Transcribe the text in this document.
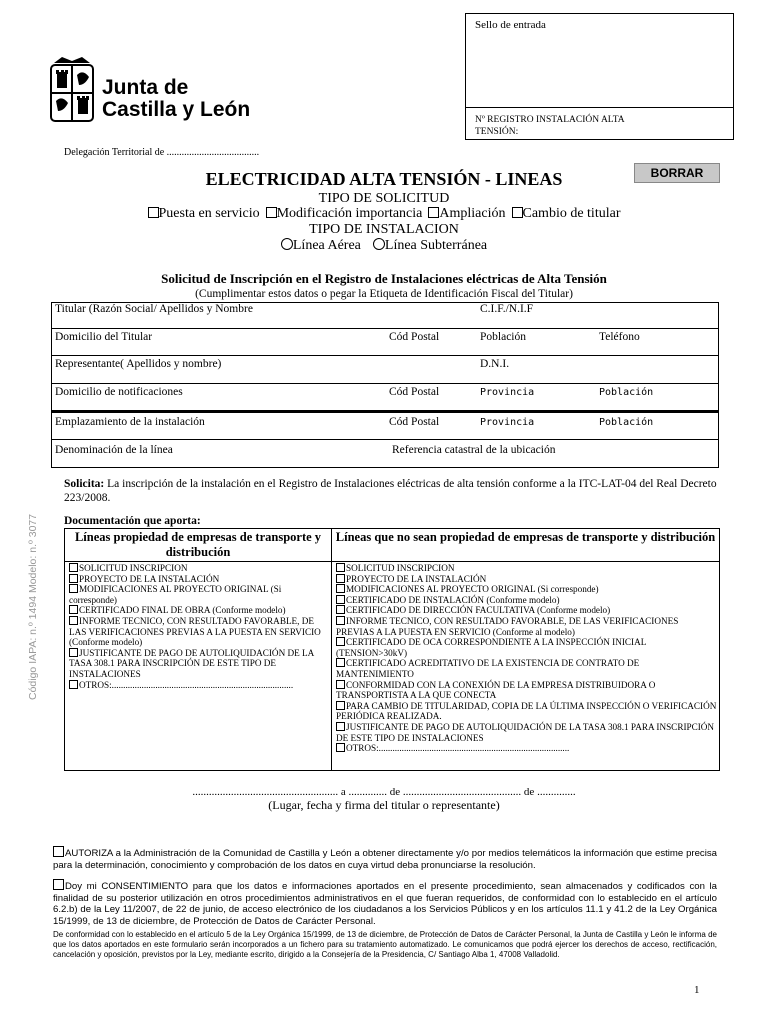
Sello de entrada
Nº REGISTRO INSTALACIÓN ALTA TENSIÓN:
Junta de
Castilla y León
Delegación Territorial de .....................................
ELECTRICIDAD ALTA TENSIÓN - LINEAS	BORRAR
TIPO DE SOLICITUD
Puesta en servicio	Modificación importancia	Ampliación	Cambio de titular
TIPO DE INSTALACION
Línea Aérea	Línea Subterránea
Solicitud de Inscripción en el Registro de Instalaciones eléctricas de Alta Tensión
(Cumplimentar estos datos o pegar la Etiqueta de Identificación Fiscal del Titular)
Titular (Razón Social/ Apellidos y Nombre	C.I.F./N.I.F
Domicilio del Titular	Cód Postal	Población	Teléfono
Representante( Apellidos y nombre)	D.N.I.
Domicilio de notificaciones	Cód Postal	Provincia	Población
Emplazamiento de la instalación	Cód Postal	Provincia	Población
Denominación de la línea	Referencia catastral de la ubicación
Código IAPA: n.º 1494 Modelo: n.º 3077
Solicita: La inscripción de la instalación en el Registro de Instalaciones eléctricas de alta tensión conforme a la ITC-LAT-04 del Real Decreto 223/2008.
Documentación que aporta:
Líneas propiedad de empresas de transporte y distribución
SOLICITUD INSCRIPCION
PROYECTO DE LA INSTALACIÓN
MODIFICACIONES AL PROYECTO ORIGINAL (Si corresponde)
CERTIFICADO FINAL DE OBRA (Conforme modelo)
INFORME TECNICO, CON RESULTADO FAVORABLE, DE LAS VERIFICACIONES PREVIAS A LA PUESTA EN SERVICIO (Conforme modelo)
JUSTIFICANTE DE PAGO DE AUTOLIQUIDACIÓN DE LA TASA 308.1 PARA INSCRIPCIÓN DE ESTE TIPO DE INSTALACIONES
OTROS:...............................................................................
Líneas que no sean propiedad de empresas de transporte y distribución
SOLICITUD INSCRIPCION
PROYECTO DE LA INSTALACIÓN
MODIFICACIONES AL PROYECTO ORIGINAL (Si corresponde)
CERTIFICADO DE INSTALACIÓN (Conforme modelo)
CERTIFICADO DE DIRECCIÓN FACULTATIVA (Conforme modelo)
INFORME TECNICO, CON RESULTADO FAVORABLE, DE LAS VERIFICACIONES PREVIAS A LA PUESTA EN SERVICIO (Conforme al modelo)
CERTIFICADO DE OCA CORRESPONDIENTE A LA INSPECCIÓN INICIAL (TENSION>30kV)
CERTIFICADO ACREDITATIVO DE LA EXISTENCIA DE CONTRATO DE MANTENIMIENTO
CONFORMIDAD CON LA CONEXIÓN DE LA EMPRESA DISTRIBUIDORA O TRANSPORTISTA A LA QUE CONECTA
PARA CAMBIO DE TITULARIDAD, COPIA DE LA ÚLTIMA INSPECCIÓN O VERIFICACIÓN PERIÓDICA REALIZADA.
JUSTIFICANTE DE PAGO DE AUTOLIQUIDACIÓN DE LA TASA 308.1 PARA INSCRIPCIÓN DE ESTE TIPO DE INSTALACIONES
OTROS:...................................................................................
..................................................... a .............. de ........................................... de ..............
(Lugar, fecha y firma del titular o representante)
AUTORIZA a la Administración de la Comunidad de Castilla y León a obtener directamente y/o por medios telemáticos la información que estime precisa para la determinación, conocimiento y comprobación de los datos en cuya virtud deba pronunciarse la resolución.
Doy mi CONSENTIMIENTO para que los datos e informaciones aportados en el presente procedimiento, sean almacenados y codificados con la finalidad de su posterior utilización en otros procedimientos administrativos en el que fueran requeridos, de conformidad con lo establecido en el artículo 6.2.b) de la Ley 11/2007, de 22 de junio, de acceso electrónico de los ciudadanos a los Servicios Públicos y en los artículos 11.1 y 41.2 de la Ley Orgánica 15/1999, de 13 de diciembre, de Protección de Datos de Carácter Personal.
De conformidad con lo establecido en el artículo 5 de la Ley Orgánica 15/1999, de 13 de diciembre, de Protección de Datos de Carácter Personal, la Junta de Castilla y León le informa de que los datos aportados en este formulario serán incorporados a un fichero para su tratamiento automatizado. Le comunicamos que podrá ejercer los derechos de acceso, rectificación, cancelación y oposición, previstos por la Ley, mediante escrito, dirigido a la Consejería de la Presidencia, C/ Santiago Alba 1, 47008 Valladolid.
1
